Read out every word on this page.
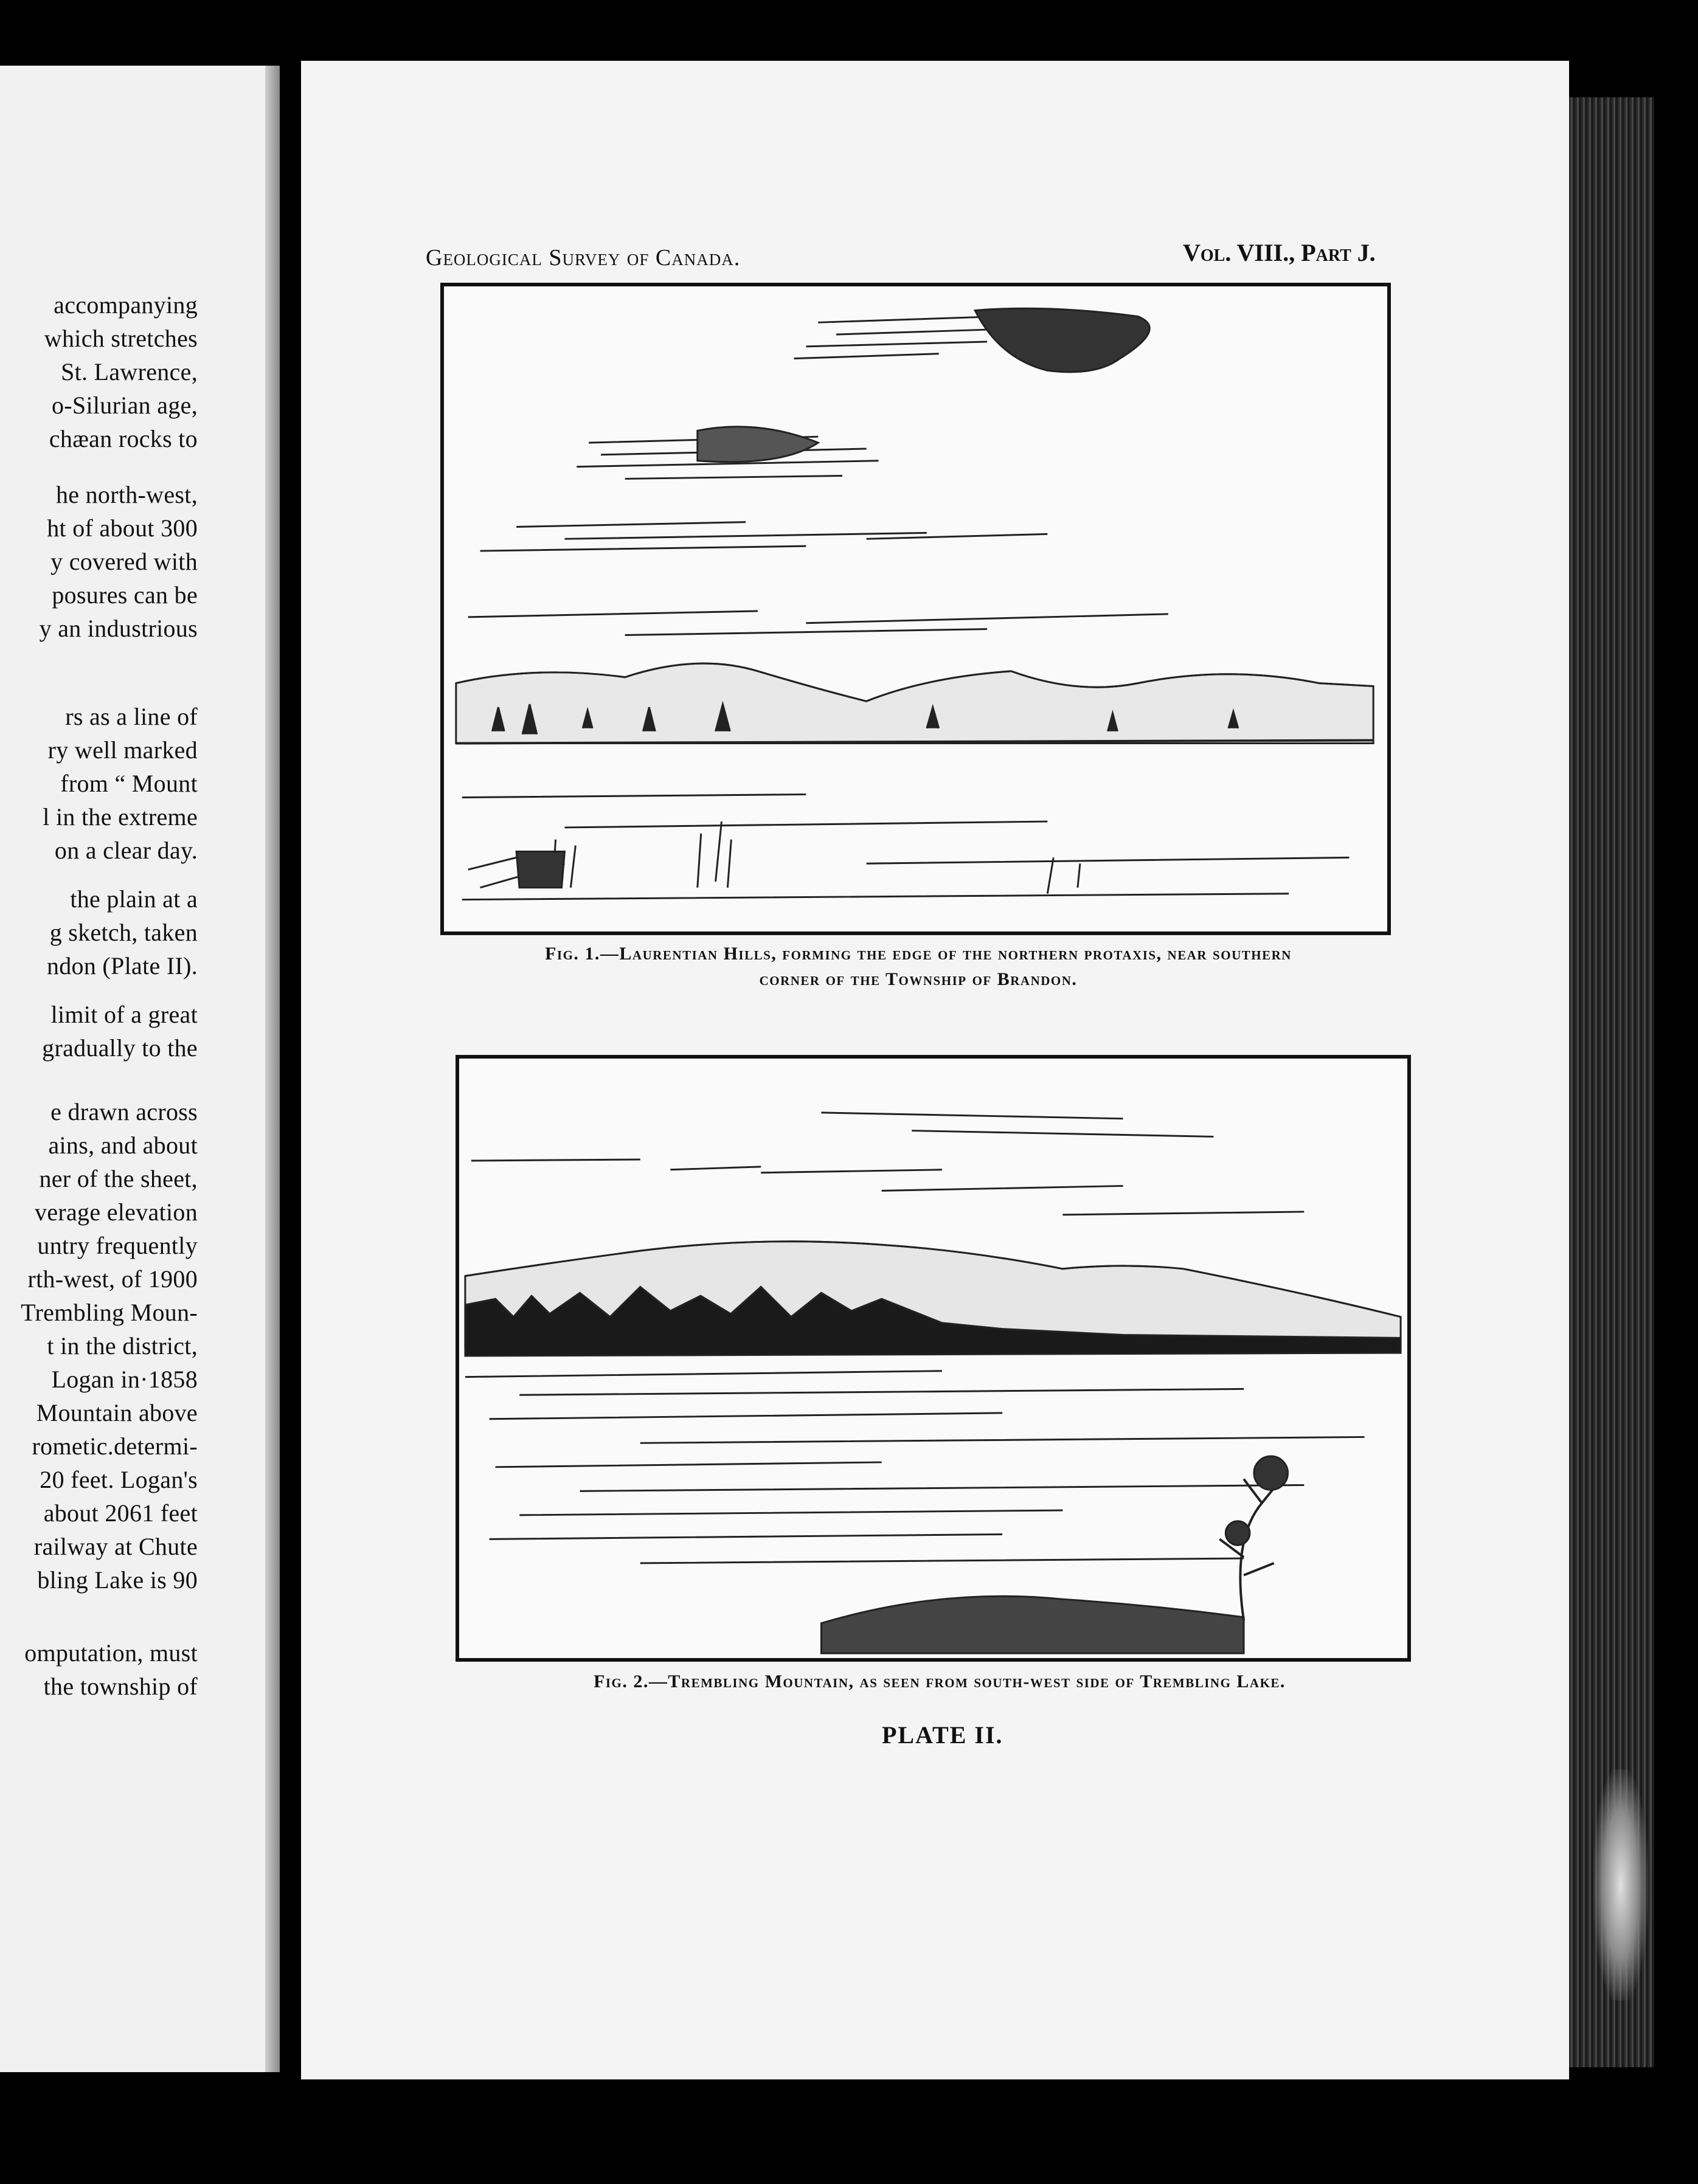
accompanying
which stretches
St. Lawrence,
o-Silurian age,
chæan rocks to
he north-west,
ht of about 300
y covered with
posures can be
y an industrious
rs as a line of
ry well marked
from “ Mount
l in the extreme
on a clear day.
the plain at a
g sketch, taken
ndon (Plate II).
limit of a great
gradually to the
e drawn across
ains, and about
ner of the sheet,
verage elevation
untry frequently
rth-west, of 1900
Trembling Moun-
t in the district,
Logan in·1858
Mountain above
rometic.determi-
20 feet. Logan's
about 2061 feet
railway at Chute
bling Lake is 90
omputation, must
the township of
Geological Survey of Canada.	Vol. VIII., Part J.
Fig. 1.—Laurentian Hills, forming the edge of the northern protaxis, near southern
corner of the Township of Brandon.
Fig. 2.—Trembling Mountain, as seen from south-west side of Trembling Lake.
PLATE II.
